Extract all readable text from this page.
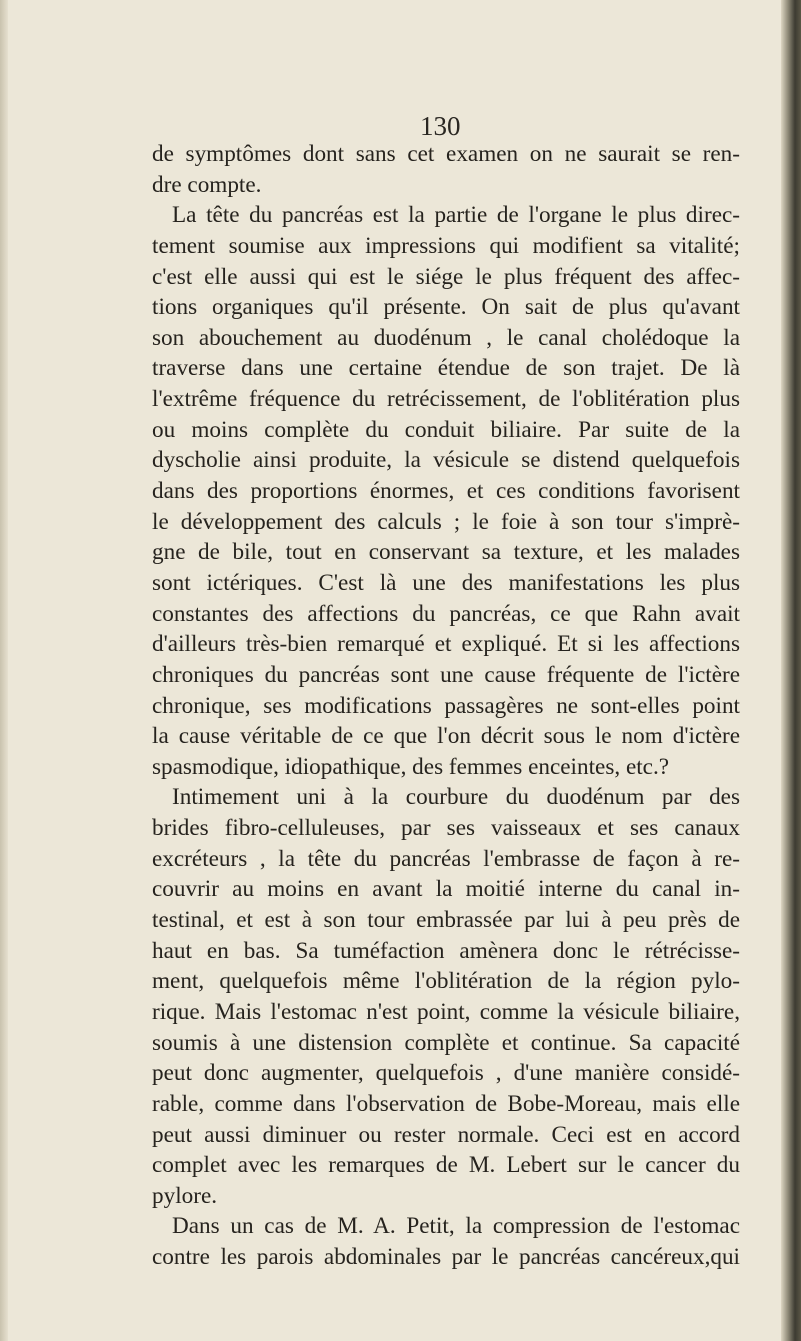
130
de symptômes dont sans cet examen on ne saurait se ren-
dre compte.
La tête du pancréas est la partie de l'organe le plus direc-
tement soumise aux impressions qui modifient sa vitalité;
c'est elle aussi qui est le siége le plus fréquent des affec-
tions organiques qu'il présente. On sait de plus qu'avant
son abouchement au duodénum , le canal cholédoque la
traverse dans une certaine étendue de son trajet. De là
l'extrême fréquence du retrécissement, de l'oblitération plus
ou moins complète du conduit biliaire. Par suite de la
dyscholie ainsi produite, la vésicule se distend quelquefois
dans des proportions énormes, et ces conditions favorisent
le développement des calculs ; le foie à son tour s'imprè-
gne de bile, tout en conservant sa texture, et les malades
sont ictériques. C'est là une des manifestations les plus
constantes des affections du pancréas, ce que Rahn avait
d'ailleurs très-bien remarqué et expliqué. Et si les affections
chroniques du pancréas sont une cause fréquente de l'ictère
chronique, ses modifications passagères ne sont-elles point
la cause véritable de ce que l'on décrit sous le nom d'ictère
spasmodique, idiopathique, des femmes enceintes, etc.?
Intimement uni à la courbure du duodénum par des
brides fibro-celluleuses, par ses vaisseaux et ses canaux
excréteurs , la tête du pancréas l'embrasse de façon à re-
couvrir au moins en avant la moitié interne du canal in-
testinal, et est à son tour embrassée par lui à peu près de
haut en bas. Sa tuméfaction amènera donc le rétrécisse-
ment, quelquefois même l'oblitération de la région pylo-
rique. Mais l'estomac n'est point, comme la vésicule biliaire,
soumis à une distension complète et continue. Sa capacité
peut donc augmenter, quelquefois , d'une manière considé-
rable, comme dans l'observation de Bobe-Moreau, mais elle
peut aussi diminuer ou rester normale. Ceci est en accord
complet avec les remarques de M. Lebert sur le cancer du
pylore.
Dans un cas de M. A. Petit, la compression de l'estomac
contre les parois abdominales par le pancréas cancéreux,qui
